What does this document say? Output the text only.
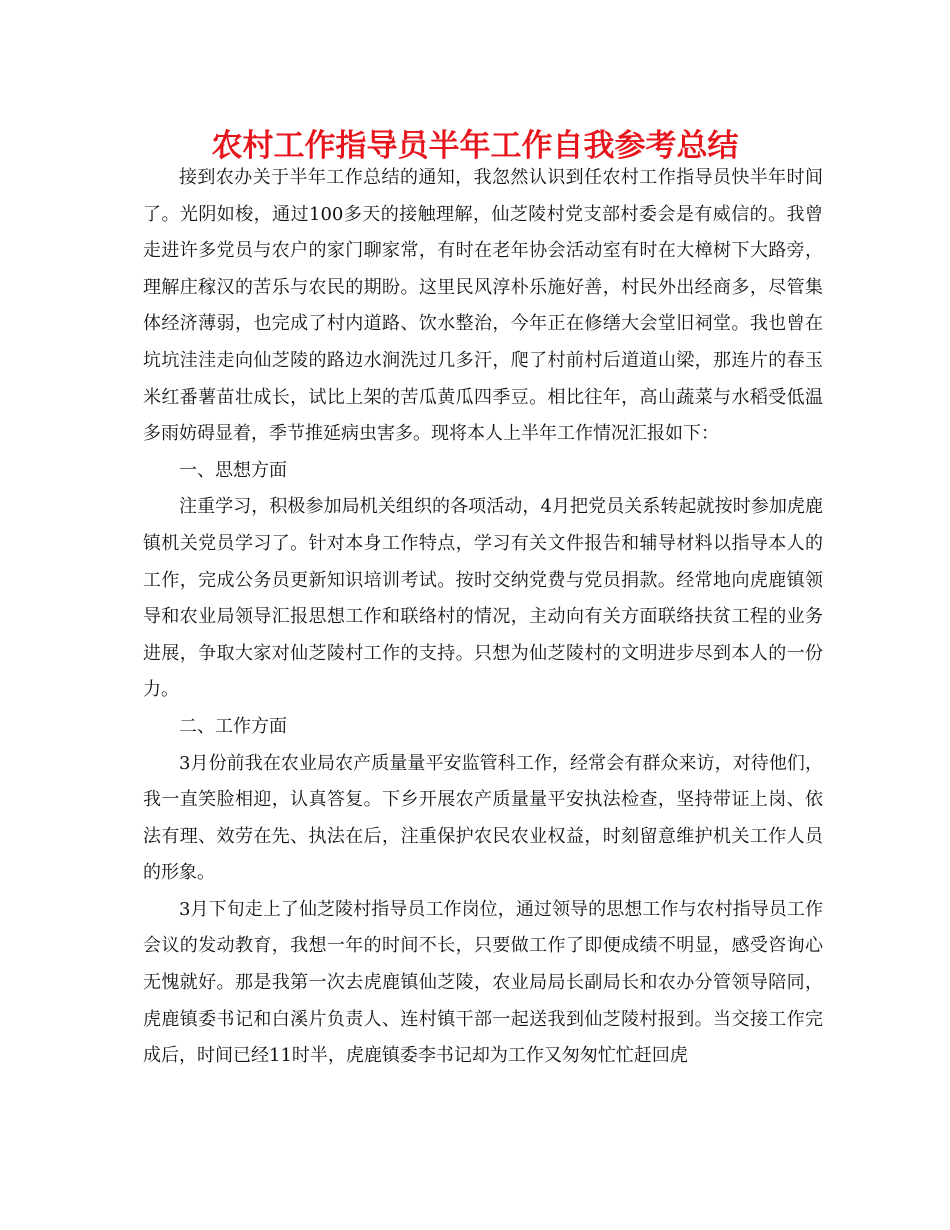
农村工作指导员半年工作自我参考总结

接到农办关于半年工作总结的通知，我忽然认识到任农村工作指导员快半年时间了。光阴如梭，通过100多天的接触理解，仙芝陵村党支部村委会是有威信的。我曾走进许多党员与农户的家门聊家常，有时在老年协会活动室有时在大樟树下大路旁，理解庄稼汉的苦乐与农民的期盼。这里民风淳朴乐施好善，村民外出经商多，尽管集体经济薄弱，也完成了村内道路、饮水整治，今年正在修缮大会堂旧祠堂。我也曾在坑坑洼洼走向仙芝陵的路边水涧洗过几多汗，爬了村前村后道道山梁，那连片的春玉米红番薯苗壮成长，试比上架的苦瓜黄瓜四季豆。相比往年，高山蔬菜与水稻受低温多雨妨碍显着，季节推延病虫害多。现将本人上半年工作情况汇报如下：

一、思想方面

注重学习，积极参加局机关组织的各项活动，4月把党员关系转起就按时参加虎鹿镇机关党员学习了。针对本身工作特点，学习有关文件报告和辅导材料以指导本人的工作，完成公务员更新知识培训考试。按时交纳党费与党员捐款。经常地向虎鹿镇领导和农业局领导汇报思想工作和联络村的情况，主动向有关方面联络扶贫工程的业务进展，争取大家对仙芝陵村工作的支持。只想为仙芝陵村的文明进步尽到本人的一份力。

二、工作方面

3月份前我在农业局农产质量量平安监管科工作，经常会有群众来访，对待他们，我一直笑脸相迎，认真答复。下乡开展农产质量量平安执法检查，坚持带证上岗、依法有理、效劳在先、执法在后，注重保护农民农业权益，时刻留意维护机关工作人员的形象。

3月下旬走上了仙芝陵村指导员工作岗位，通过领导的思想工作与农村指导员工作会议的发动教育，我想一年的时间不长，只要做工作了即便成绩不明显，感受咨询心无愧就好。那是我第一次去虎鹿镇仙芝陵，农业局局长副局长和农办分管领导陪同，虎鹿镇委书记和白溪片负责人、连村镇干部一起送我到仙芝陵村报到。当交接工作完成后，时间已经11时半，虎鹿镇委李书记却为工作又匆匆忙忙赶回虎
